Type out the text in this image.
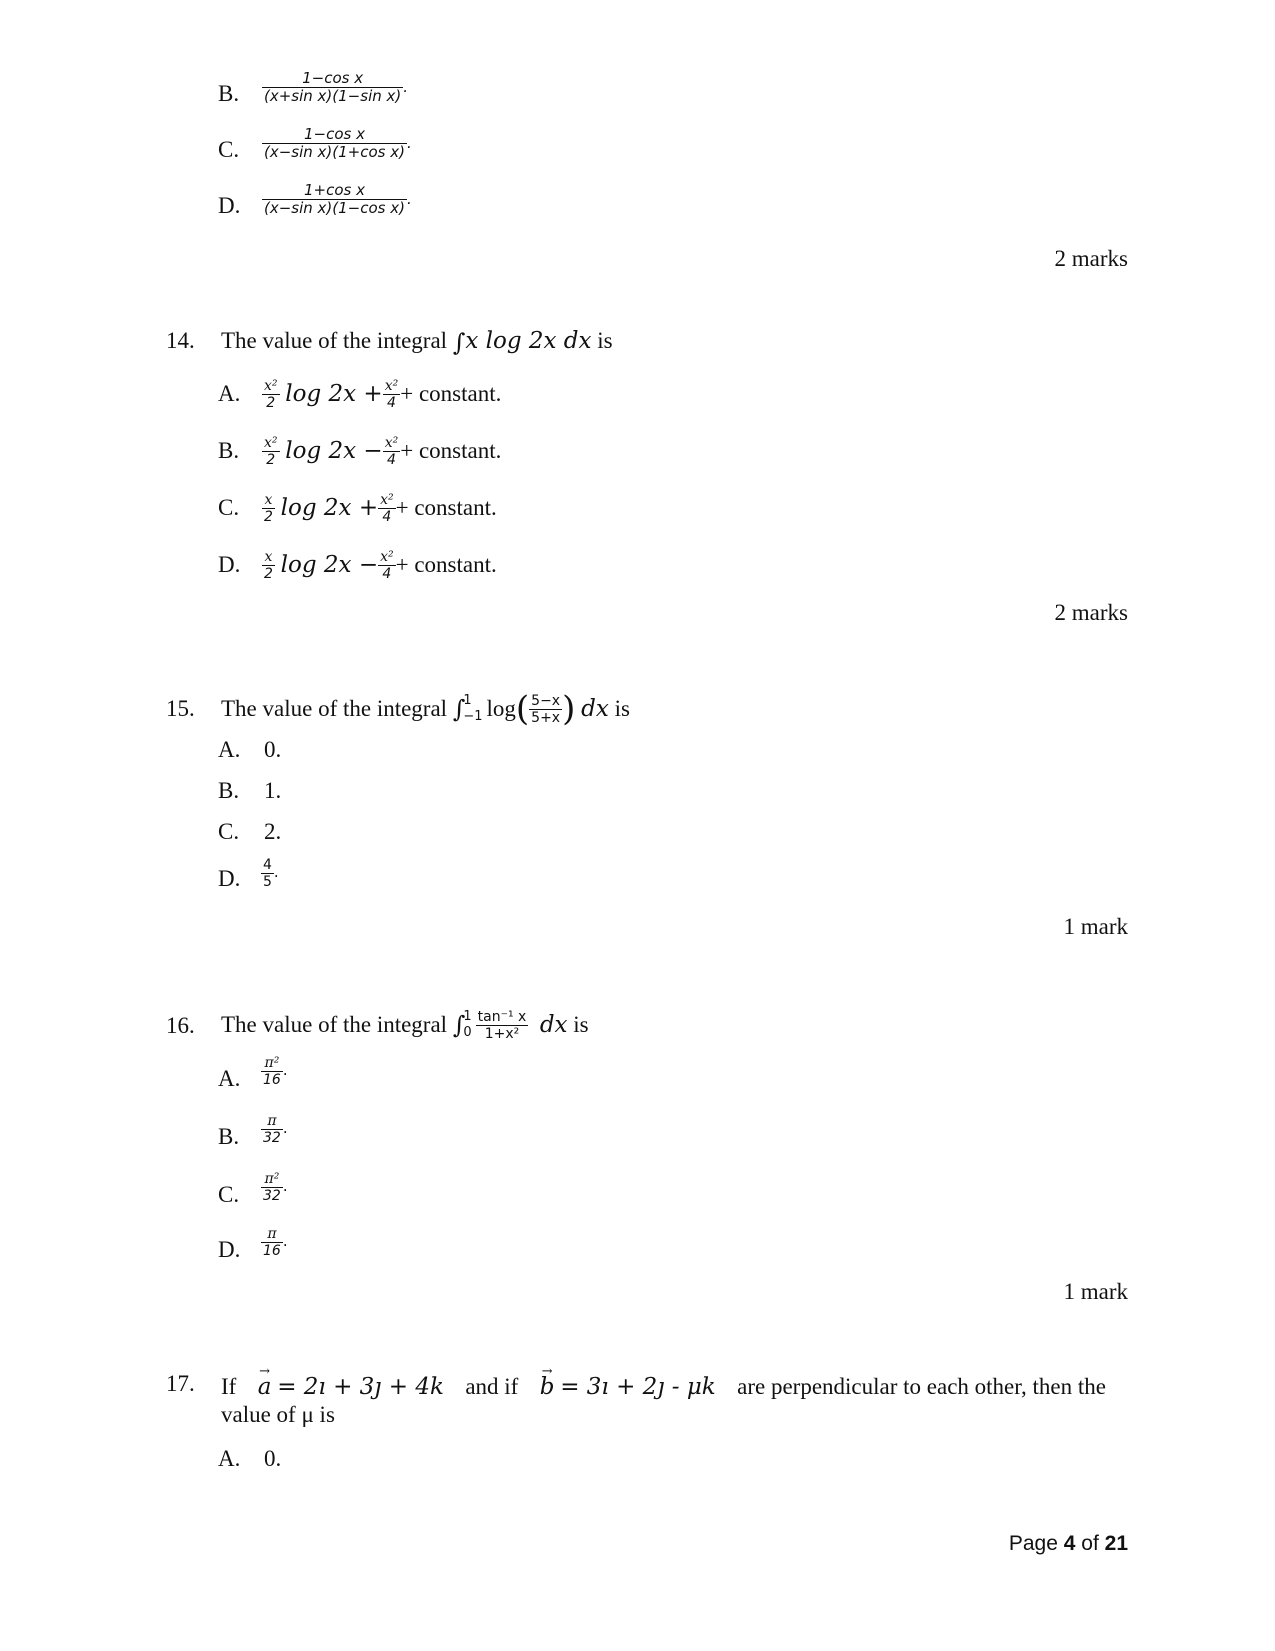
B. $\frac{\text{1−cos x}}{\text{(x+sin x)(1−sin x)}}$ .
C. $\frac{\text{1−cos x}}{\text{(x−sin x)(1+cos x)}}$ .
D. $\frac{\text{1+cos x}}{\text{(x−sin x)(1−cos x)}}$ .
2 marks
14. The value of the integral ∫x log 2x dx is
A. $\frac{\text{x²}}{2}$
$\log 2x + \frac{\text{x²}}{4}$ + constant.
B. $\frac{\text{x²}}{2}$
$\log 2x - \frac{\text{x²}}{4}$ + constant.
C. $\frac{x}{2}$
$\log 2x + \frac{\text{x²}}{4}$ + constant.
D. $\frac{x}{2}$
$\log 2x - \frac{\text{x²}}{4}$ + constant.
2 marks
15. The value of the integral
∫
1
−1 log ( $\frac{5-x}{5+x}$ )
dx
is
A. 0.
B. 1.
C. 2.
D. $\frac{4}{5}$ .
1 mark
16. The value of the integral
∫
1
$0 \frac{\text{tan⁻¹ x}}{\text{1+x²}}$
dx
is
A. $\frac{\text{π²}}{16}$ .
B. $\frac{\pi}{32}$ .
C. $\frac{\text{π²}}{32}$ .
D. $\frac{\pi}{16}$ .
1 mark
17. If → a = 2ı + 3ȷ + 4k and if → b = 3ı + 2ȷ - μk are perpendicular to each other, then the
value of μ is
A. 0.
Page 4 of 21
